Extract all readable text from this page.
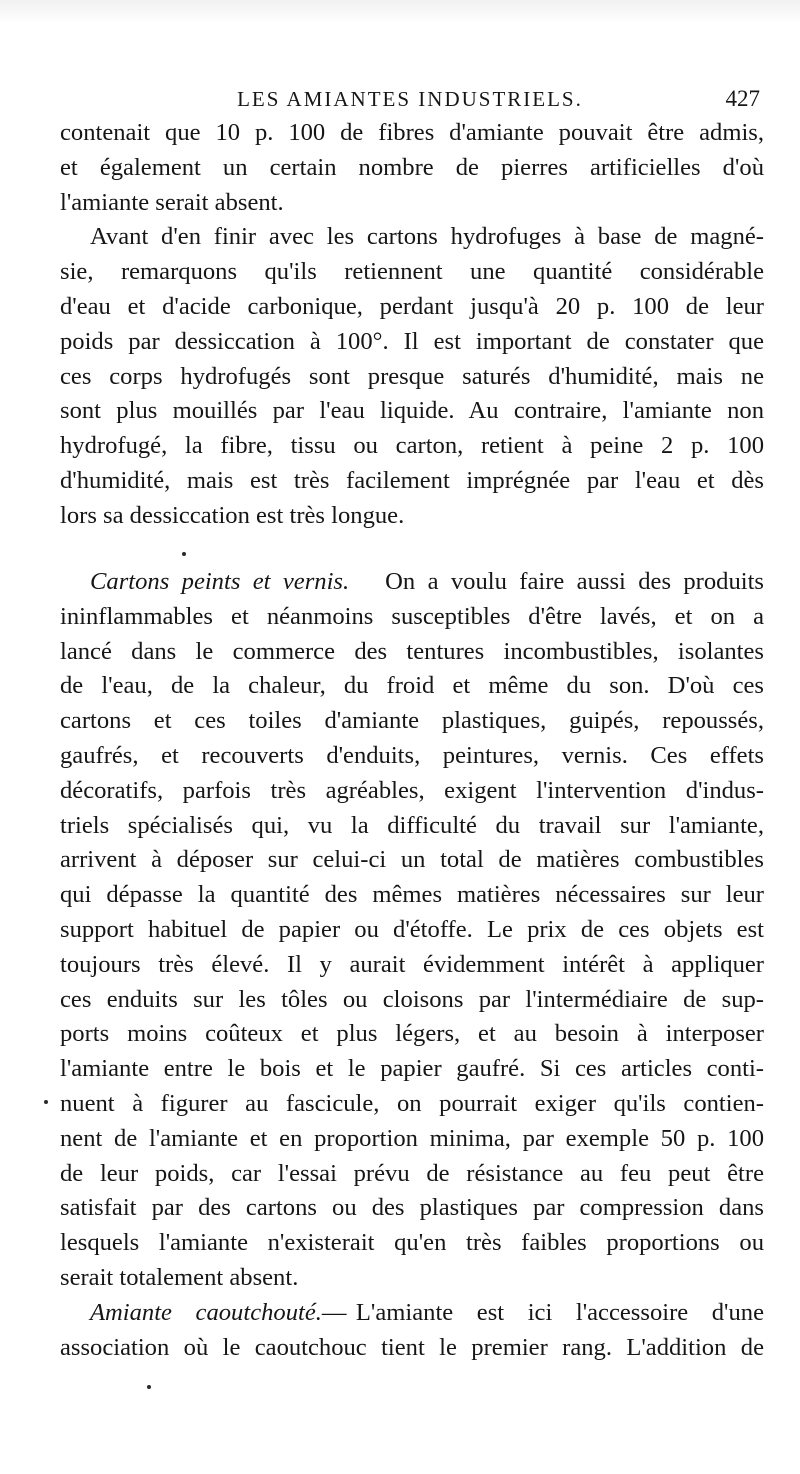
LES AMIANTES INDUSTRIELS.	427
contenait que 10 p. 100 de fibres d'amiante pouvait être admis,
et également un certain nombre de pierres artificielles d'où
l'amiante serait absent.
Avant d'en finir avec les cartons hydrofuges à base de magné-
sie, remarquons qu'ils retiennent une quantité considérable
d'eau et d'acide carbonique, perdant jusqu'à 20 p. 100 de leur
poids par dessiccation à 100°. Il est important de constater que
ces corps hydrofugés sont presque saturés d'humidité, mais ne
sont plus mouillés par l'eau liquide. Au contraire, l'amiante non
hydrofugé, la fibre, tissu ou carton, retient à peine 2 p. 100
d'humidité, mais est très facilement imprégnée par l'eau et dès
lors sa dessiccation est très longue.
Cartons peints et vernis. On a voulu faire aussi des produits
ininflammables et néanmoins susceptibles d'être lavés, et on a
lancé dans le commerce des tentures incombustibles, isolantes
de l'eau, de la chaleur, du froid et même du son. D'où ces
cartons et ces toiles d'amiante plastiques, guipés, repoussés,
gaufrés, et recouverts d'enduits, peintures, vernis. Ces effets
décoratifs, parfois très agréables, exigent l'intervention d'indus-
triels spécialisés qui, vu la difficulté du travail sur l'amiante,
arrivent à déposer sur celui-ci un total de matières combustibles
qui dépasse la quantité des mêmes matières nécessaires sur leur
support habituel de papier ou d'étoffe. Le prix de ces objets est
toujours très élevé. Il y aurait évidemment intérêt à appliquer
ces enduits sur les tôles ou cloisons par l'intermédiaire de sup-
ports moins coûteux et plus légers, et au besoin à interposer
l'amiante entre le bois et le papier gaufré. Si ces articles conti-
nuent à figurer au fascicule, on pourrait exiger qu'ils contien-
nent de l'amiante et en proportion minima, par exemple 50 p. 100
de leur poids, car l'essai prévu de résistance au feu peut être
satisfait par des cartons ou des plastiques par compression dans
lesquels l'amiante n'existerait qu'en très faibles proportions ou
serait totalement absent.
Amiante caoutchouté.— L'amiante est ici l'accessoire d'une
association où le caoutchouc tient le premier rang. L'addition de
